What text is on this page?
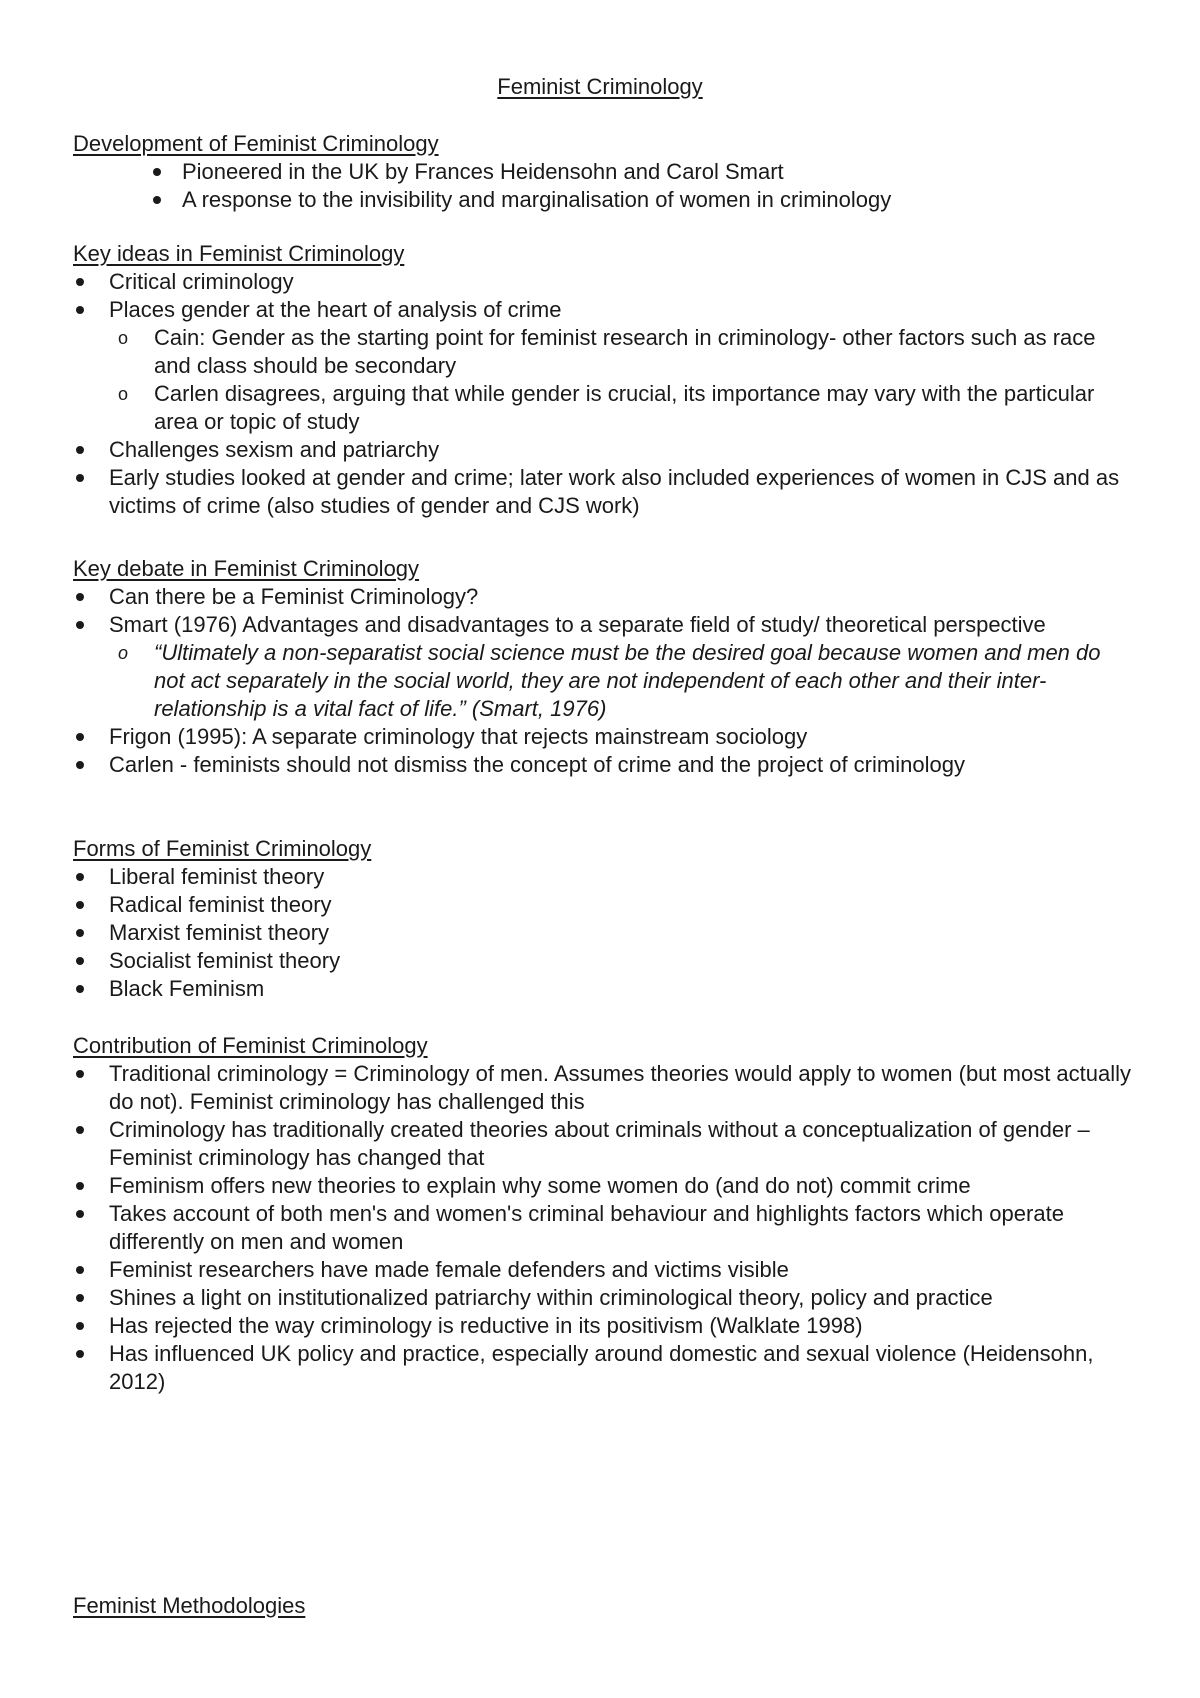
Feminist Criminology
Development of Feminist Criminology
Pioneered in the UK by Frances Heidensohn and Carol Smart
A response to the invisibility and marginalisation of women in criminology
Key ideas in Feminist Criminology
Critical criminology
Places gender at the heart of analysis of crime
o Cain: Gender as the starting point for feminist research in criminology- other factors such as race and class should be secondary
o Carlen disagrees, arguing that while gender is crucial, its importance may vary with the particular area or topic of study
Challenges sexism and patriarchy
Early studies looked at gender and crime; later work also included experiences of women in CJS and as victims of crime (also studies of gender and CJS work)
Key debate in Feminist Criminology
Can there be a Feminist Criminology?
Smart (1976) Advantages and disadvantages to a separate field of study/ theoretical perspective
o “Ultimately a non-separatist social science must be the desired goal because women and men do not act separately in the social world, they are not independent of each other and their inter-relationship is a vital fact of life.” (Smart, 1976)
Frigon (1995): A separate criminology that rejects mainstream sociology
Carlen - feminists should not dismiss the concept of crime and the project of criminology
Forms of Feminist Criminology
Liberal feminist theory
Radical feminist theory
Marxist feminist theory
Socialist feminist theory
Black Feminism
Contribution of Feminist Criminology
Traditional criminology = Criminology of men. Assumes theories would apply to women (but most actually do not). Feminist criminology has challenged this
Criminology has traditionally created theories about criminals without a conceptualization of gender – Feminist criminology has changed that
Feminism offers new theories to explain why some women do (and do not) commit crime
Takes account of both men's and women's criminal behaviour and highlights factors which operate differently on men and women
Feminist researchers have made female defenders and victims visible
Shines a light on institutionalized patriarchy within criminological theory, policy and practice
Has rejected the way criminology is reductive in its positivism (Walklate 1998)
Has influenced UK policy and practice, especially around domestic and sexual violence (Heidensohn, 2012)
Feminist Methodologies
